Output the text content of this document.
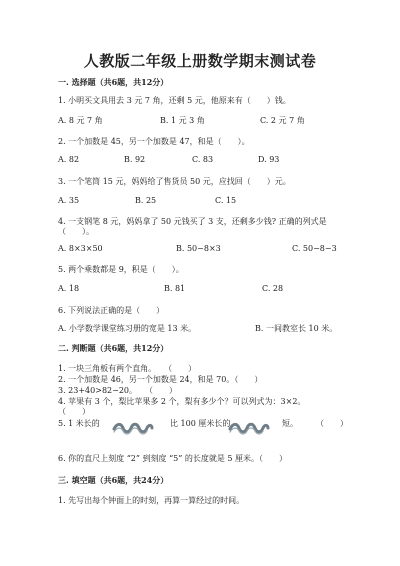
人教版二年级上册数学期末测试卷
一. 选择题（共6题，共12分）
1. 小明买文具用去 3 元 7 角，还剩 5 元，他原来有（　　）钱。
A. 8 元 7 角	B. 1 元 3 角	C. 2 元 7 角
2. 一个加数是 45，另一个加数是 47，和是（　　）。
A. 82	B. 92	C. 83	D. 93
3. 一个笔筒 15 元，妈妈给了售货员 50 元，应找回（　　）元。
A. 35	B. 25	C. 15
4. 一支钢笔 8 元，妈妈拿了 50 元钱买了 3 支，还剩多少钱? 正确的列式是
（　　）。
A. 8×3×50	B. 50−8×3	C. 50−8−3
5. 两个乘数都是 9，积是（　　）。
A. 18	B. 81	C. 28
6. 下列说法正确的是（　　）
A. 小学数学课堂练习册的宽是 13 米。	B. 一间教室长 10 米。
二. 判断题（共6题，共12分）
1. 一块三角板有两个直角。　　（　　）
2. 一个加数是 46，另一个加数是 24，和是 70。（　　）
3. 23+40>82−20。　　（　　）
4. 苹果有 3 个，梨比苹果多 2 个，梨有多少个？可以列式为：3×2。
（　　）
5. 1 米长的	比 100 厘米长的	短。 （　　）
6. 你的直尺上刻度 “2” 到刻度 “5” 的长度就是 5 厘米。（　　）
三. 填空题（共6题，共24分）
1. 先写出每个钟面上的时刻，再算一算经过的时间。
